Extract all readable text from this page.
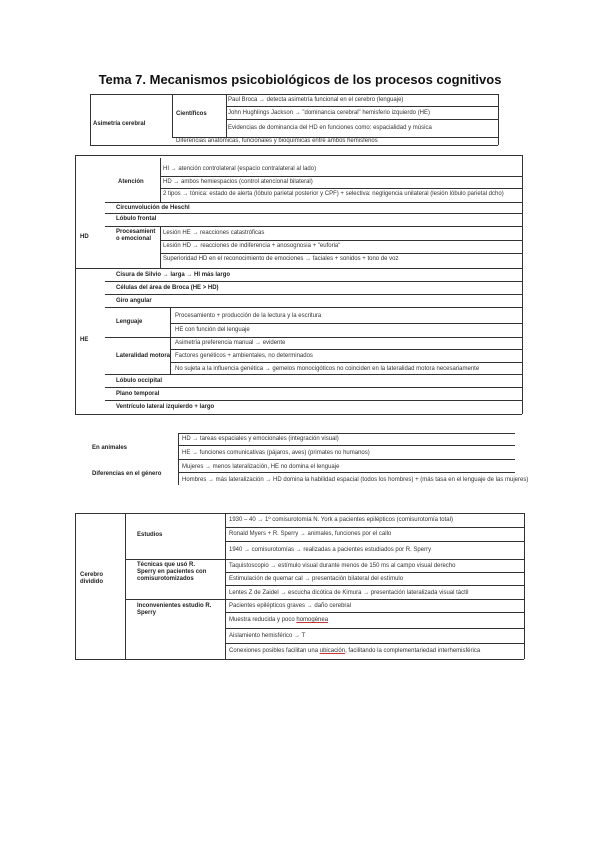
Tema 7. Mecanismos psicobiológicos de los procesos cognitivos
Asimetría cerebral
Científicos
Paul Broca → detecta asimetría funcional en el cerebro (lenguaje)
John Hughlings Jackson → "dominancia cerebral" hemisferio izquierdo (HE)
Evidencias de dominancia del HD en funciones como: espacialidad y música
Diferencias anatómicas, funcionales y bioquímicas entre ambos hemisferios
HD
Atención
HI → atención controlateral (espacio contralateral al lado)
HD → ambos hemiespacios (control atencional bilateral)
2 tipos → tónica: estado de alerta (lóbulo parietal posterior y CPF) + selectiva: negligencia unilateral (lesión lóbulo parietal dcho)
Circunvolución de Heschl
Lóbulo frontal
Procesamient
o emocional
Lesión HE → reacciones catastróficas
Lesión HD → reacciones de indiferencia + anosognosia + "euforia"
Superioridad HD en el reconocimiento de emociones → faciales + sonidos + tono de voz
HE
Cisura de Silvio → larga → HI más largo
Células del área de Broca (HE > HD)
Giro angular
Lenguaje
Procesamiento + producción de la lectura y la escritura
HE con función del lenguaje
Lateralidad motora
Asimetría preferencia manual → evidente
Factores genéticos + ambientales, no determinados
No sujeta a la influencia genética → gemelos monocigóticos no coinciden en la lateralidad motora necesariamente
Lóbulo occipital
Plano temporal
Ventrículo lateral izquierdo + largo
En animales
HD → tareas espaciales y emocionales (integración visual)
HE → funciones comunicativas (pájaros, aves) (primates no humanos)
Diferencias en el género
Mujeres → menos lateralización, HE no domina el lenguaje
Hombres → más lateralización → HD domina la habilidad espacial (todos los hombres) + (más tasa en el lenguaje de las mujeres)
Cerebro
dividido
Estudios
1930 – 40 → 1º comisurotomía N. York a pacientes epilépticos (comisurotomía total)
Ronald Myers + R. Sperry → animales, funciones por el callo
1940 → comisurotomías → realizadas a pacientes estudiados por R. Sperry
Técnicas que usó R.
Sperry en pacientes con
comisurotomizados
Taquistoscopio → estímulo visual durante menos de 150 ms al campo visual derecho
Estimulación de quemar cal → presentación bilateral del estímulo
Lentes Z de Zaidel → escucha dicótica de Kimura → presentación lateralizada visual táctil
Inconvenientes estudio R.
Sperry
Pacientes epilépticos graves → daño cerebral
Muestra reducida y poco homogénea
Aislamiento hemisférico → T
Conexiones posibles facilitan una ubicación, facilitando la complementariedad interhemisférica
